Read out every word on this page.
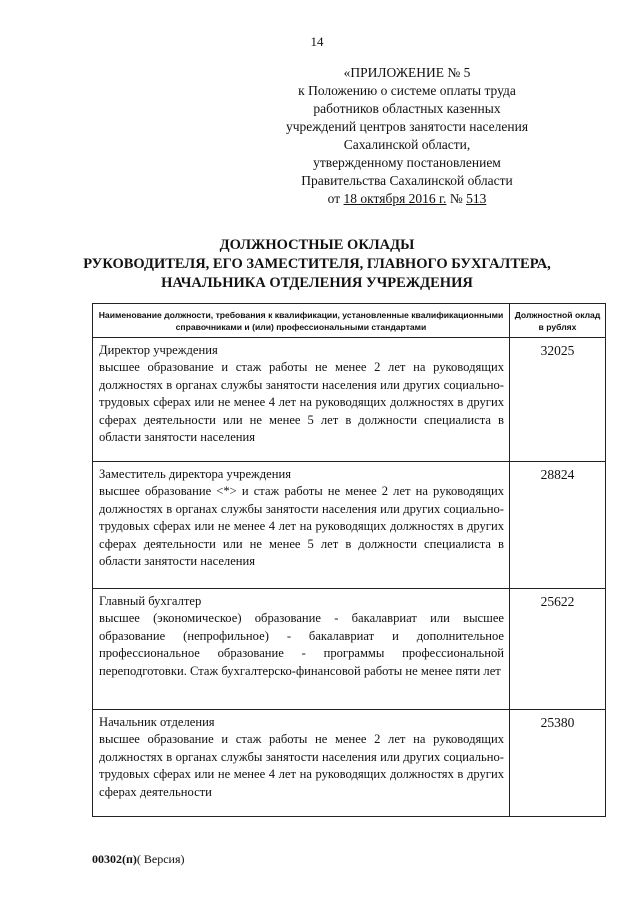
14
«ПРИЛОЖЕНИЕ № 5
к Положению о системе оплаты труда
работников областных казенных
учреждений центров занятости населения
Сахалинской области,
утвержденному постановлением
Правительства Сахалинской области
от 18 октября 2016 г. № 513
ДОЛЖНОСТНЫЕ ОКЛАДЫ
РУКОВОДИТЕЛЯ, ЕГО ЗАМЕСТИТЕЛЯ, ГЛАВНОГО БУХГАЛТЕРА,
НАЧАЛЬНИКА ОТДЕЛЕНИЯ УЧРЕЖДЕНИЯ
Наименование должности, требования к квалификации, установленные квалификационными справочниками и (или) профессиональными стандартами	Должностной оклад в рублях

Директор учреждения
высшее образование и стаж работы не менее 2 лет на руководящих должностях в органах службы занятости населения или других социально-трудовых сферах или не менее 4 лет на руководящих должностях в других сферах деятельности или не менее 5 лет в должности специалиста в области занятости населения	32025

Заместитель директора учреждения
высшее образование <*> и стаж работы не менее 2 лет на руководящих должностях в органах службы занятости населения или других социально-трудовых сферах или не менее 4 лет на руководящих должностях в других сферах деятельности или не менее 5 лет в должности специалиста в области занятости населения	28824

Главный бухгалтер
высшее (экономическое) образование - бакалавриат или высшее образование (непрофильное) - бакалавриат и дополнительное профессиональное образование - программы профессиональной переподготовки. Стаж бухгалтерско-финансовой работы не менее пяти лет	25622

Начальник отделения
высшее образование и стаж работы не менее 2 лет на руководящих должностях в органах службы занятости населения или других социально-трудовых сферах или не менее 4 лет на руководящих должностях в других сферах деятельности	25380
00302(п)( Версия)
